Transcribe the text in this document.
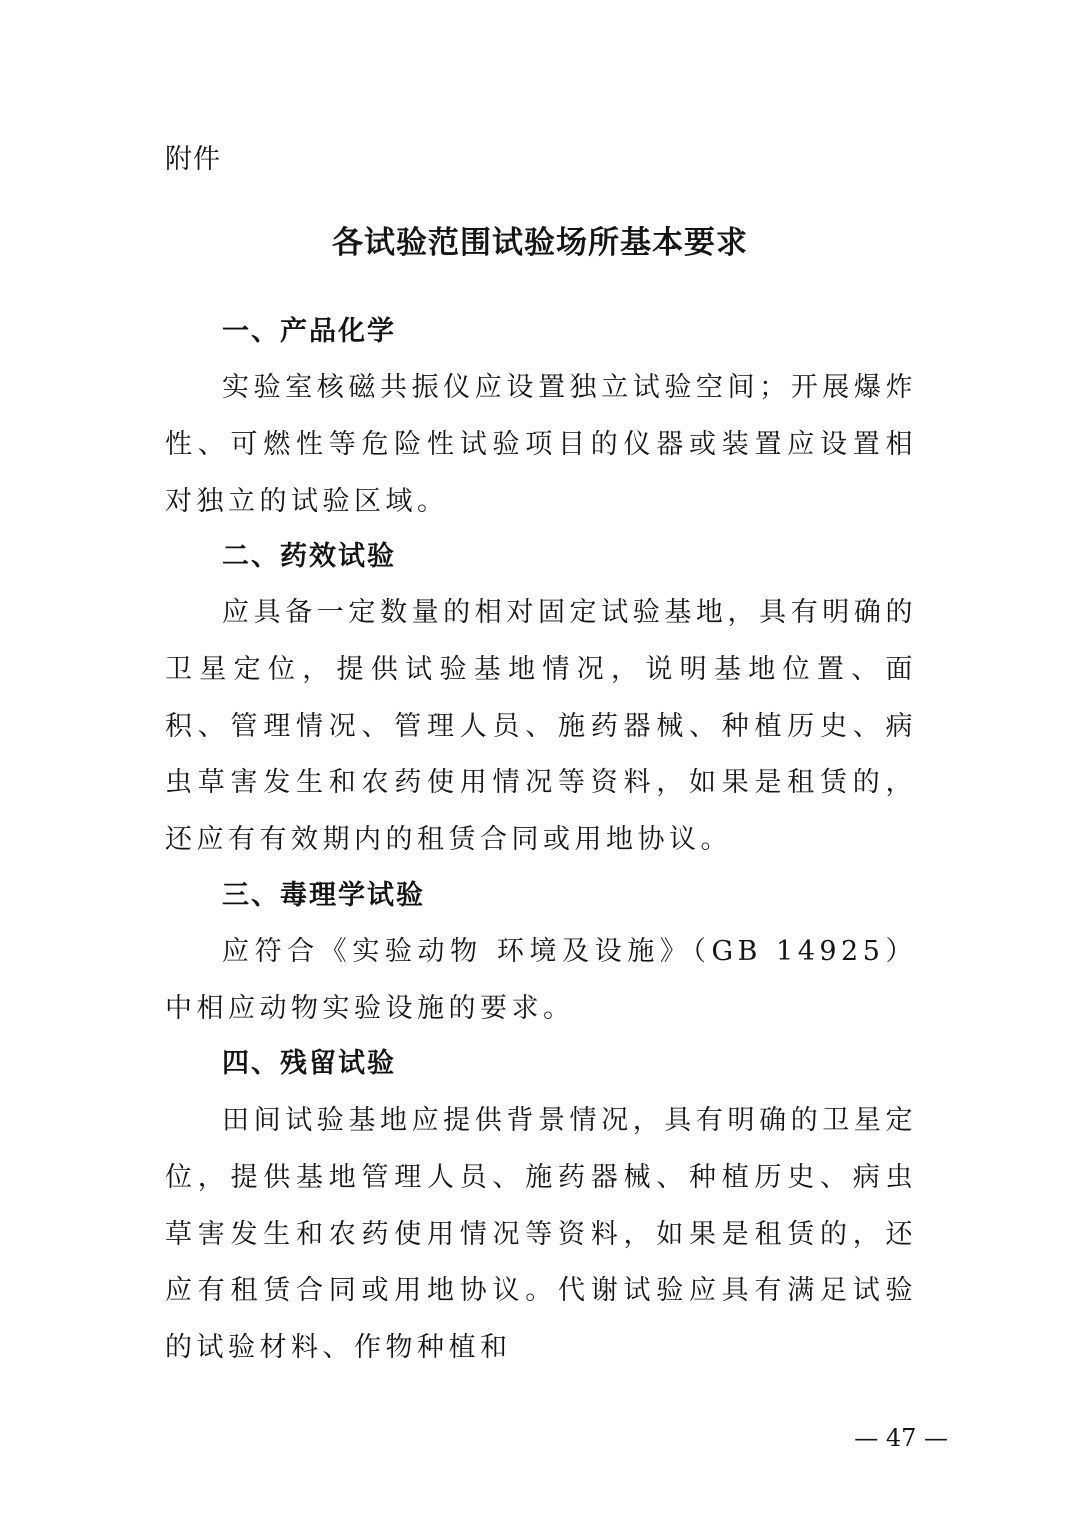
附件
各试验范围试验场所基本要求
一、产品化学

实验室核磁共振仪应设置独立试验空间；开展爆炸性、可燃性等危险性试验项目的仪器或装置应设置相对独立的试验区域。

二、药效试验

应具备一定数量的相对固定试验基地，具有明确的卫星定位，提供试验基地情况，说明基地位置、面积、管理情况、管理人员、施药器械、种植历史、病虫草害发生和农药使用情况等资料，如果是租赁的，还应有有效期内的租赁合同或用地协议。

三、毒理学试验

应符合《实验动物 环境及设施》（GB 14925）中相应动物实验设施的要求。

四、残留试验

田间试验基地应提供背景情况，具有明确的卫星定位，提供基地管理人员、施药器械、种植历史、病虫草害发生和农药使用情况等资料，如果是租赁的，还应有租赁合同或用地协议。代谢试验应具有满足试验的试验材料、作物种植和

— 47 —
